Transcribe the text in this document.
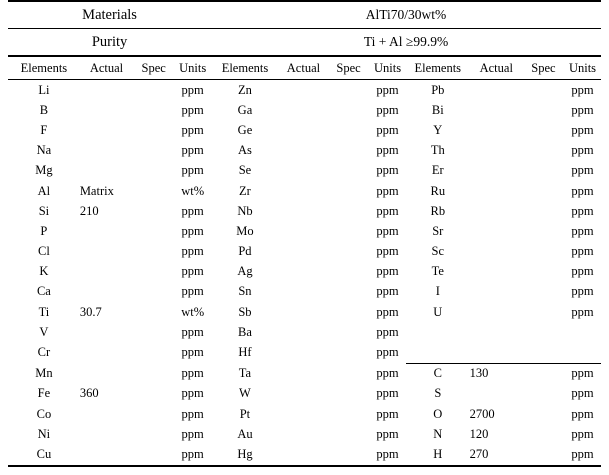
Materials				AlTi70/30wt%							

Purity				Ti + Al ≥99.9%							

Elements	Actual	Spec	Units	Elements	Actual	Spec	Units	Elements	Actual	Spec	Units

Li			ppm	Zn			ppm	Pb			ppm
B			ppm	Ga			ppm	Bi			ppm
F			ppm	Ge			ppm	Y			ppm
Na			ppm	As			ppm	Th			ppm
Mg			ppm	Se			ppm	Er			ppm
Al	Matrix		wt%	Zr			ppm	Ru			ppm
Si	210		ppm	Nb			ppm	Rb			ppm
P			ppm	Mo			ppm	Sr			ppm
Cl			ppm	Pd			ppm	Sc			ppm
K			ppm	Ag			ppm	Te			ppm
Ca			ppm	Sn			ppm	I			ppm
Ti	30.7		wt%	Sb			ppm	U			ppm
V			ppm	Ba			ppm				
Cr			ppm	Hf			ppm				
Mn			ppm	Ta			ppm	C	130		ppm
Fe	360		ppm	W			ppm	S			ppm
Co			ppm	Pt			ppm	O	2700		ppm
Ni			ppm	Au			ppm	N	120		ppm
Cu			ppm	Hg			ppm	H	270		ppm
